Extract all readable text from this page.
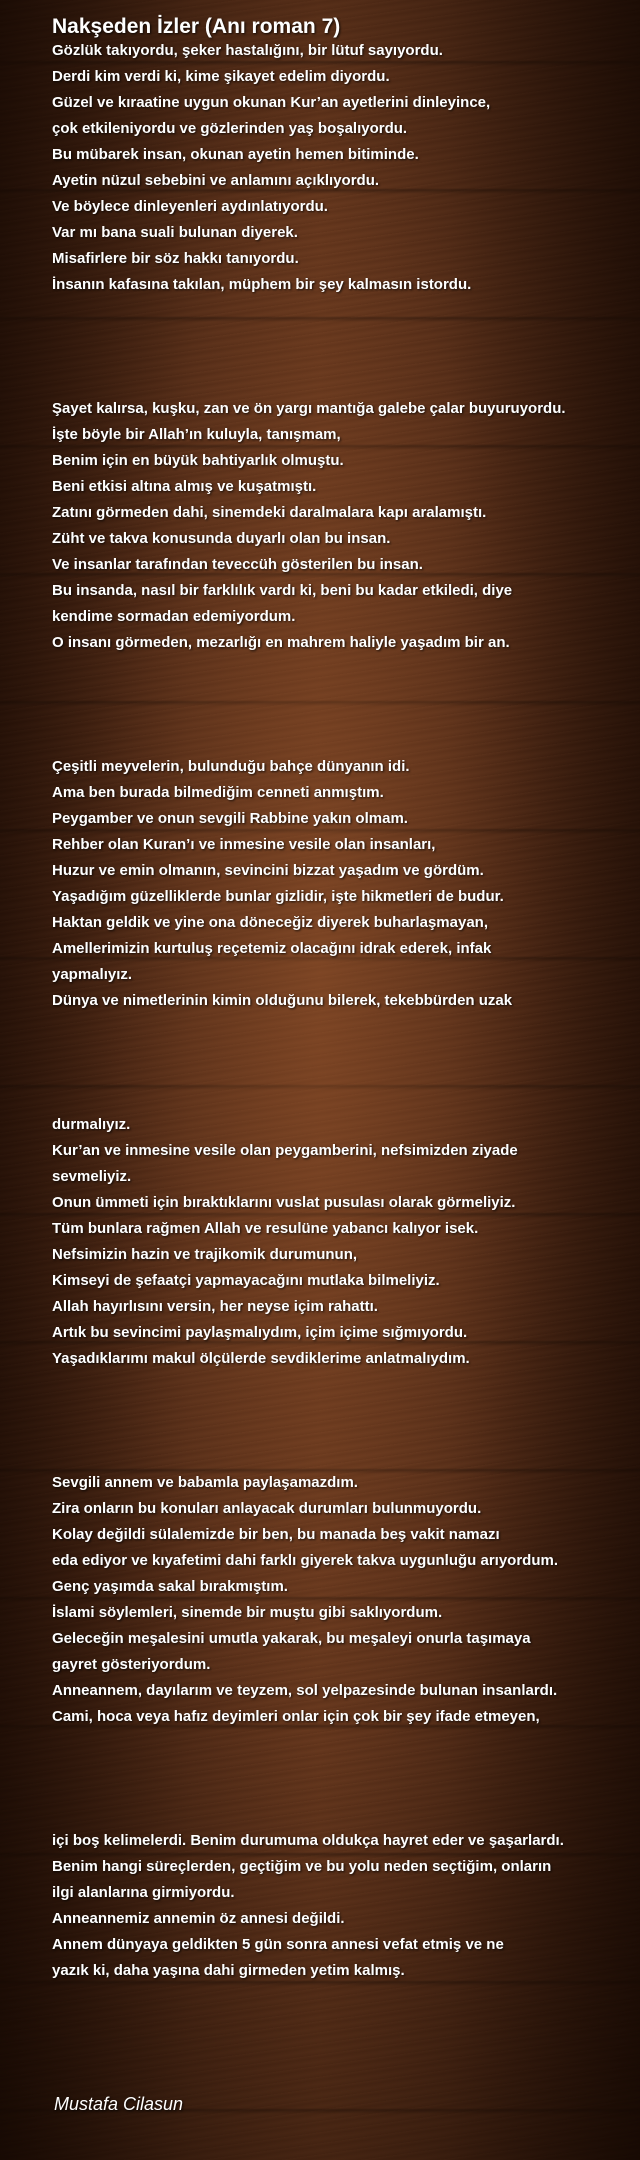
Nakşeden İzler (Anı roman 7)
Gözlük takıyordu, şeker hastalığını, bir lütuf sayıyordu.
Derdi kim verdi ki, kime şikayet edelim diyordu.
Güzel ve kıraatine uygun okunan Kur’an ayetlerini dinleyince,
çok etkileniyordu ve gözlerinden yaş boşalıyordu.
Bu mübarek insan, okunan ayetin hemen bitiminde.
Ayetin nüzul sebebini ve anlamını açıklıyordu.
Ve böylece dinleyenleri aydınlatıyordu.
Var mı bana suali bulunan diyerek.
Misafirlere bir söz hakkı tanıyordu.
İnsanın kafasına takılan, müphem bir şey kalmasın istordu.
Şayet kalırsa, kuşku, zan ve ön yargı mantığa galebe çalar buyuruyordu.
İşte böyle bir Allah’ın kuluyla, tanışmam,
Benim için en büyük bahtiyarlık olmuştu.
Beni etkisi altına almış ve kuşatmıştı.
Zatını görmeden dahi, sinemdeki daralmalara kapı aralamıştı.
Züht ve takva konusunda duyarlı olan bu insan.
Ve insanlar tarafından teveccüh gösterilen bu insan.
Bu insanda, nasıl bir farklılık vardı ki, beni bu kadar etkiledi, diye
kendime sormadan edemiyordum.
O insanı görmeden, mezarlığı en mahrem haliyle yaşadım bir an.
Çeşitli meyvelerin, bulunduğu bahçe dünyanın idi.
Ama ben burada bilmediğim cenneti anmıştım.
Peygamber ve onun sevgili Rabbine yakın olmam.
Rehber olan Kuran’ı ve inmesine vesile olan insanları,
Huzur ve emin olmanın, sevincini bizzat yaşadım ve gördüm.
Yaşadığım güzelliklerde bunlar gizlidir, işte hikmetleri de budur.
Haktan geldik ve yine ona döneceğiz diyerek buharlaşmayan,
Amellerimizin kurtuluş reçetemiz olacağını idrak ederek, infak
yapmalıyız.
Dünya ve nimetlerinin kimin olduğunu bilerek, tekebbürden uzak
durmalıyız.
Kur’an ve inmesine vesile olan peygamberini, nefsimizden ziyade
sevmeliyiz.
Onun ümmeti için bıraktıklarını vuslat pusulası olarak görmeliyiz.
Tüm bunlara rağmen Allah ve resulüne yabancı kalıyor isek.
Nefsimizin hazin ve trajikomik durumunun,
Kimseyi de şefaatçi yapmayacağını mutlaka bilmeliyiz.
Allah hayırlısını versin, her neyse içim rahattı.
Artık bu sevincimi paylaşmalıydım, içim içime sığmıyordu.
Yaşadıklarımı makul ölçülerde sevdiklerime anlatmalıydım.
Sevgili annem ve babamla paylaşamazdım.
Zira onların bu konuları anlayacak durumları bulunmuyordu.
Kolay değildi sülalemizde bir ben, bu manada beş vakit namazı
eda ediyor ve kıyafetimi dahi farklı giyerek takva uygunluğu arıyordum.
Genç yaşımda sakal bırakmıştım.
İslami söylemleri, sinemde bir muştu gibi saklıyordum.
Geleceğin meşalesini umutla yakarak, bu meşaleyi onurla taşımaya
gayret gösteriyordum.
Anneannem, dayılarım ve teyzem, sol yelpazesinde bulunan insanlardı.
Cami, hoca veya hafız deyimleri onlar için çok bir şey ifade etmeyen,
içi boş kelimelerdi. Benim durumuma oldukça hayret eder ve şaşarlardı.
Benim hangi süreçlerden, geçtiğim ve bu yolu neden seçtiğim, onların
ilgi alanlarına girmiyordu.
Anneannemiz annemin öz annesi değildi.
Annem dünyaya geldikten 5 gün sonra annesi vefat etmiş ve ne
yazık ki, daha yaşına dahi girmeden yetim kalmış.
Mustafa Cilasun
